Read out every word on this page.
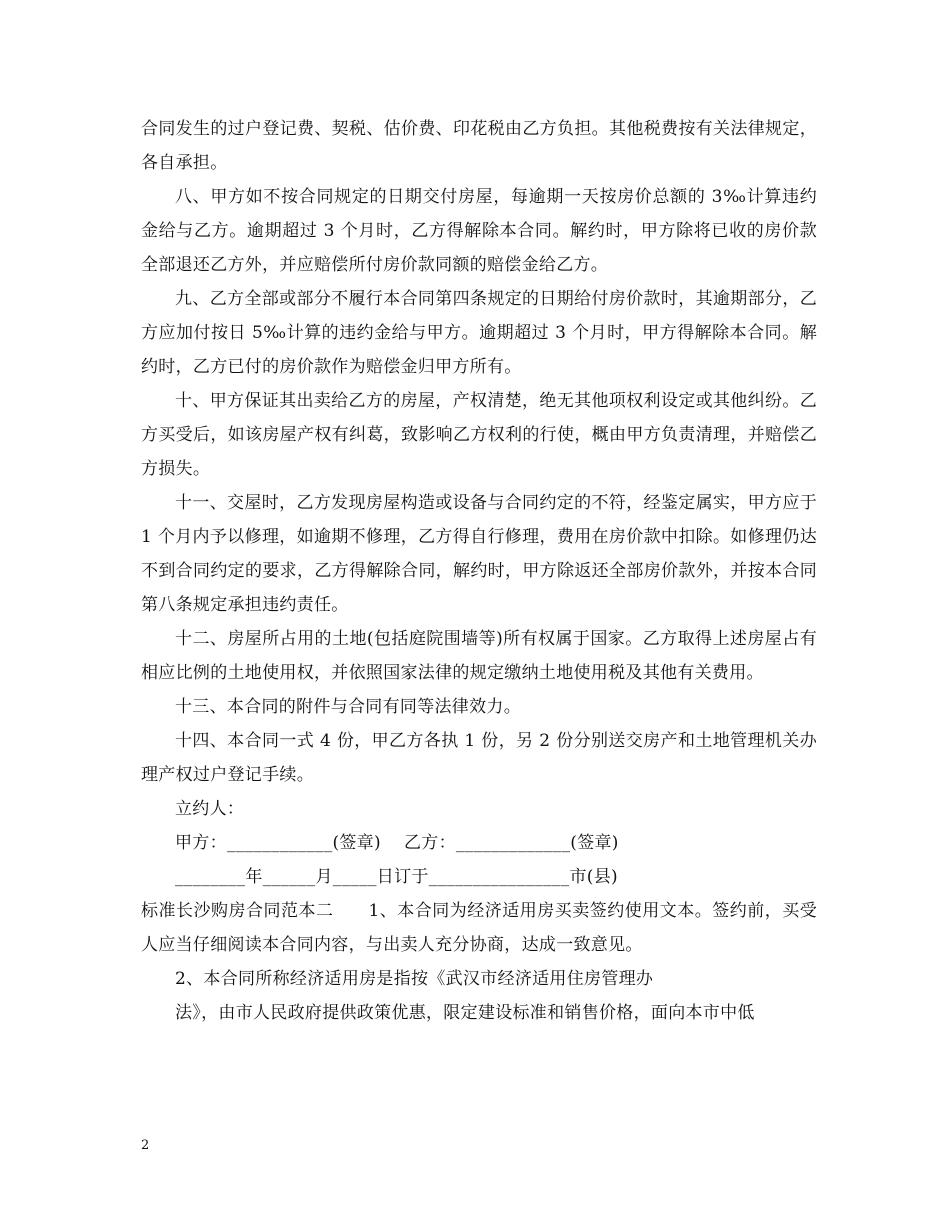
合同发生的过户登记费、契税、估价费、印花税由乙方负担。其他税费按有关法律规定，各自承担。

八、甲方如不按合同规定的日期交付房屋，每逾期一天按房价总额的 3‰计算违约金给与乙方。逾期超过 3 个月时，乙方得解除本合同。解约时，甲方除将已收的房价款全部退还乙方外，并应赔偿所付房价款同额的赔偿金给乙方。

九、乙方全部或部分不履行本合同第四条规定的日期给付房价款时，其逾期部分，乙方应加付按日 5‰计算的违约金给与甲方。逾期超过 3 个月时，甲方得解除本合同。解约时，乙方已付的房价款作为赔偿金归甲方所有。

十、甲方保证其出卖给乙方的房屋，产权清楚，绝无其他项权利设定或其他纠纷。乙方买受后，如该房屋产权有纠葛，致影响乙方权利的行使，概由甲方负责清理，并赔偿乙方损失。

十一、交屋时，乙方发现房屋构造或设备与合同约定的不符，经鉴定属实，甲方应于 1 个月内予以修理，如逾期不修理，乙方得自行修理，费用在房价款中扣除。如修理仍达不到合同约定的要求，乙方得解除合同，解约时，甲方除返还全部房价款外，并按本合同第八条规定承担违约责任。

十二、房屋所占用的土地(包括庭院围墙等)所有权属于国家。乙方取得上述房屋占有相应比例的土地使用权，并依照国家法律的规定缴纳土地使用税及其他有关费用。

十三、本合同的附件与合同有同等法律效力。

十四、本合同一式 4 份，甲乙方各执 1 份，另 2 份分别送交房产和土地管理机关办理产权过户登记手续。

立约人：

甲方：____________(签章)　 乙方：_____________(签章)

________年______月_____日订于________________市(县)

标准长沙购房合同范本二　　1、本合同为经济适用房买卖签约使用文本。签约前，买受人应当仔细阅读本合同内容，与出卖人充分协商，达成一致意见。

2、本合同所称经济适用房是指按《武汉市经济适用住房管理办

法》，由市人民政府提供政策优惠，限定建设标准和销售价格，面向本市中低

2
